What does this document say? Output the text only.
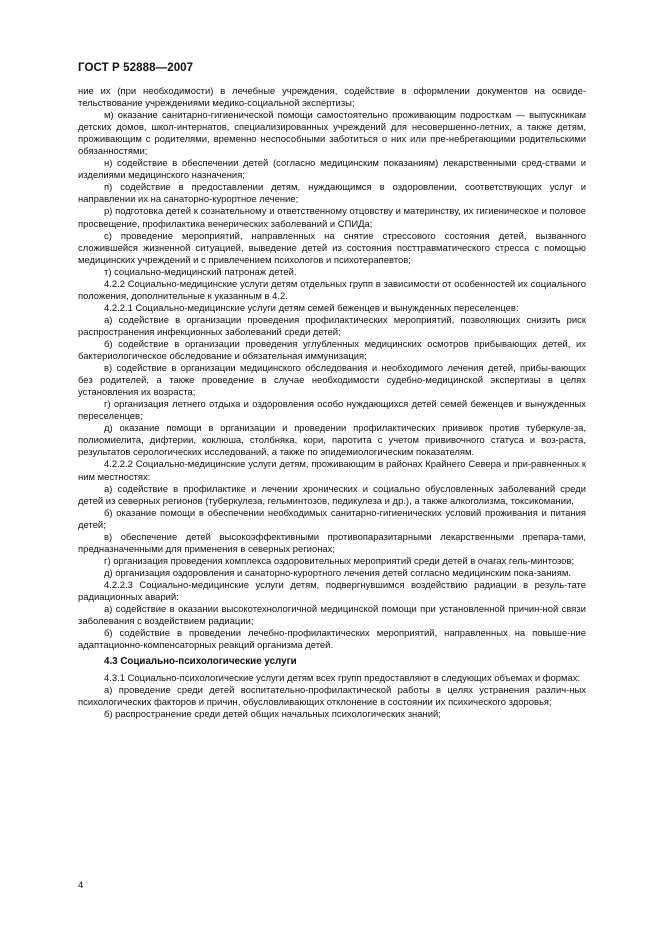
ГОСТ Р 52888—2007

ние их (при необходимости) в лечебные учреждения, содействие в оформлении документов на освиде-тельствование учреждениями медико-социальной экспертизы;

м) оказание санитарно-гигиенической помощи самостоятельно проживающим подросткам — выпускникам детских домов, школ-интернатов, специализированных учреждений для несовершенно-летних, а также детям, проживающим с родителями, временно неспособными заботиться о них или пре-небрегающими родительскими обязанностями;

н) содействие в обеспечении детей (согласно медицинским показаниям) лекарственными сред-ствами и изделиями медицинского назначения;

п) содействие в предоставлении детям, нуждающимся в оздоровлении, соответствующих услуг и направлении их на санаторно-курортное лечение;

р) подготовка детей к сознательному и ответственному отцовству и материнству, их гигиеническое и половое просвещение, профилактика венерических заболеваний и СПИДа;

с) проведение мероприятий, направленных на снятие стрессового состояния детей, вызванного сложившейся жизненной ситуацией, выведение детей из состояния посттравматического стресса с помощью медицинских учреждений и с привлечением психологов и психотерапевтов;

т) социально-медицинский патронаж детей.

4.2.2 Социально-медицинские услуги детям отдельных групп в зависимости от особенностей их социального положения, дополнительные к указанным в 4.2.

4.2.2.1 Социально-медицинские услуги детям семей беженцев и вынужденных переселенцев:

а) содействие в организации проведения профилактических мероприятий, позволяющих снизить риск распространения инфекционных заболеваний среди детей;

б) содействие в организации проведения углубленных медицинских осмотров прибывающих детей, их бактериологическое обследование и обязательная иммунизация;

в) содействие в организации медицинского обследования и необходимого лечения детей, прибы-вающих без родителей, а также проведение в случае необходимости судебно-медицинской экспертизы в целях установления их возраста;

г) организация летнего отдыха и оздоровления особо нуждающихся детей семей беженцев и вынужденных переселенцев;

д) оказание помощи в организации и проведении профилактических прививок против туберкуле-за, полиомиелита, дифтерии, коклюша, столбняка, кори, паротита с учетом прививочного статуса и воз-раста, результатов серологических исследований, а также по эпидемиологическим показателям.

4.2.2.2 Социально-медицинские услуги детям, проживающим в районах Крайнего Севера и при-равненных к ним местностях:

а) содействие в профилактике и лечении хронических и социально обусловленных заболеваний среди детей из северных регионов (туберкулеза, гельминтозов, педикулеза и др.), а также алкоголизма, токсикомании,

б) оказание помощи в обеспечении необходимых санитарно-гигиенических условий проживания и питания детей;

в) обеспечение детей высокоэффективными противопаразитарными лекарственными препара-тами, предназначенными для применения в северных регионах;

г) организация проведения комплекса оздоровительных мероприятий среди детей в очагах гель-минтозов;

д) организация оздоровления и санаторно-курортного лечения детей согласно медицинским пока-заниям.

4.2.2.3 Социально-медицинские услуги детям, подвергнувшимся воздействию радиации в резуль-тате радиационных аварий:

а) содействие в оказании высокотехнологичной медицинской помощи при установленной причин-ной связи заболевания с воздействием радиации;

б) содействие в проведении лечебно-профилактических мероприятий, направленных на повыше-ние адаптационно-компенсаторных реакций организма детей.

4.3 Социально-психологические услуги

4.3.1 Социально-психологические услуги детям всех групп предоставляют в следующих объемах и формах:

а) проведение среди детей воспитательно-профилактической работы в целях устранения различ-ных психологических факторов и причин, обусловливающих отклонение в состоянии их психического здоровья;

б) распространение среди детей общих начальных психологических знаний;

4
